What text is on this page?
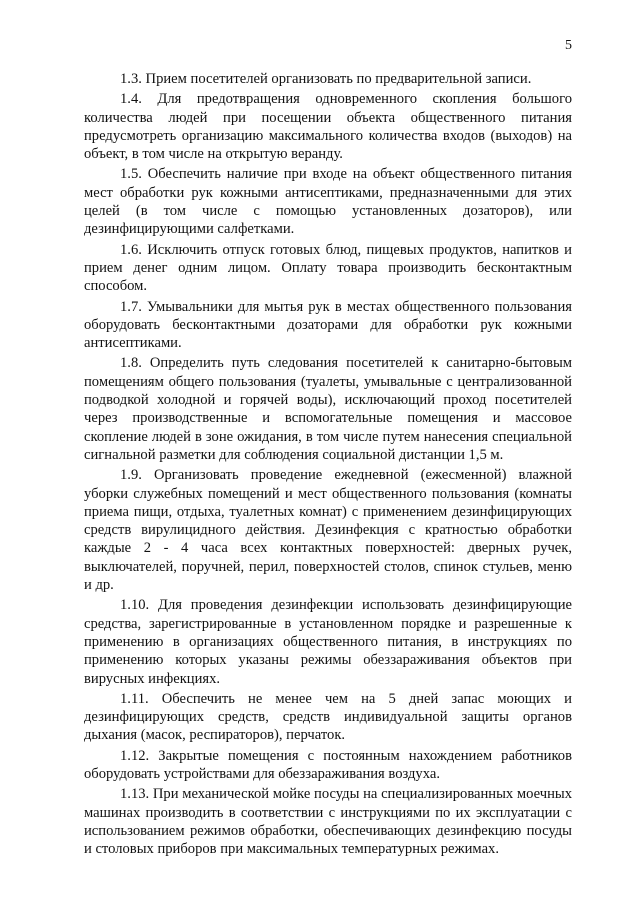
5

1.3. Прием посетителей организовать по предварительной записи.

1.4. Для предотвращения одновременного скопления большого количества людей при посещении объекта общественного питания предусмотреть организацию максимального количества входов (выходов) на объект, в том числе на открытую веранду.

1.5. Обеспечить наличие при входе на объект общественного питания мест обработки рук кожными антисептиками, предназначенными для этих целей (в том числе с помощью установленных дозаторов), или дезинфицирующими салфетками.

1.6. Исключить отпуск готовых блюд, пищевых продуктов, напитков и прием денег одним лицом. Оплату товара производить бесконтактным способом.

1.7. Умывальники для мытья рук в местах общественного пользования оборудовать бесконтактными дозаторами для обработки рук кожными антисептиками.

1.8. Определить путь следования посетителей к санитарно-бытовым помещениям общего пользования (туалеты, умывальные с централизованной подводкой холодной и горячей воды), исключающий проход посетителей через производственные и вспомогательные помещения и массовое скопление людей в зоне ожидания, в том числе путем нанесения специальной сигнальной разметки для соблюдения социальной дистанции 1,5 м.

1.9. Организовать проведение ежедневной (ежесменной) влажной уборки служебных помещений и мест общественного пользования (комнаты приема пищи, отдыха, туалетных комнат) с применением дезинфицирующих средств вирулицидного действия. Дезинфекция с кратностью обработки каждые 2 - 4 часа всех контактных поверхностей: дверных ручек, выключателей, поручней, перил, поверхностей столов, спинок стульев, меню и др.

1.10. Для проведения дезинфекции использовать дезинфицирующие средства, зарегистрированные в установленном порядке и разрешенные к применению в организациях общественного питания, в инструкциях по применению которых указаны режимы обеззараживания объектов при вирусных инфекциях.

1.11. Обеспечить не менее чем на 5 дней запас моющих и дезинфицирующих средств, средств индивидуальной защиты органов дыхания (масок, респираторов), перчаток.

1.12. Закрытые помещения с постоянным нахождением работников оборудовать устройствами для обеззараживания воздуха.

1.13. При механической мойке посуды на специализированных моечных машинах производить в соответствии с инструкциями по их эксплуатации с использованием режимов обработки, обеспечивающих дезинфекцию посуды и столовых приборов при максимальных температурных режимах.
